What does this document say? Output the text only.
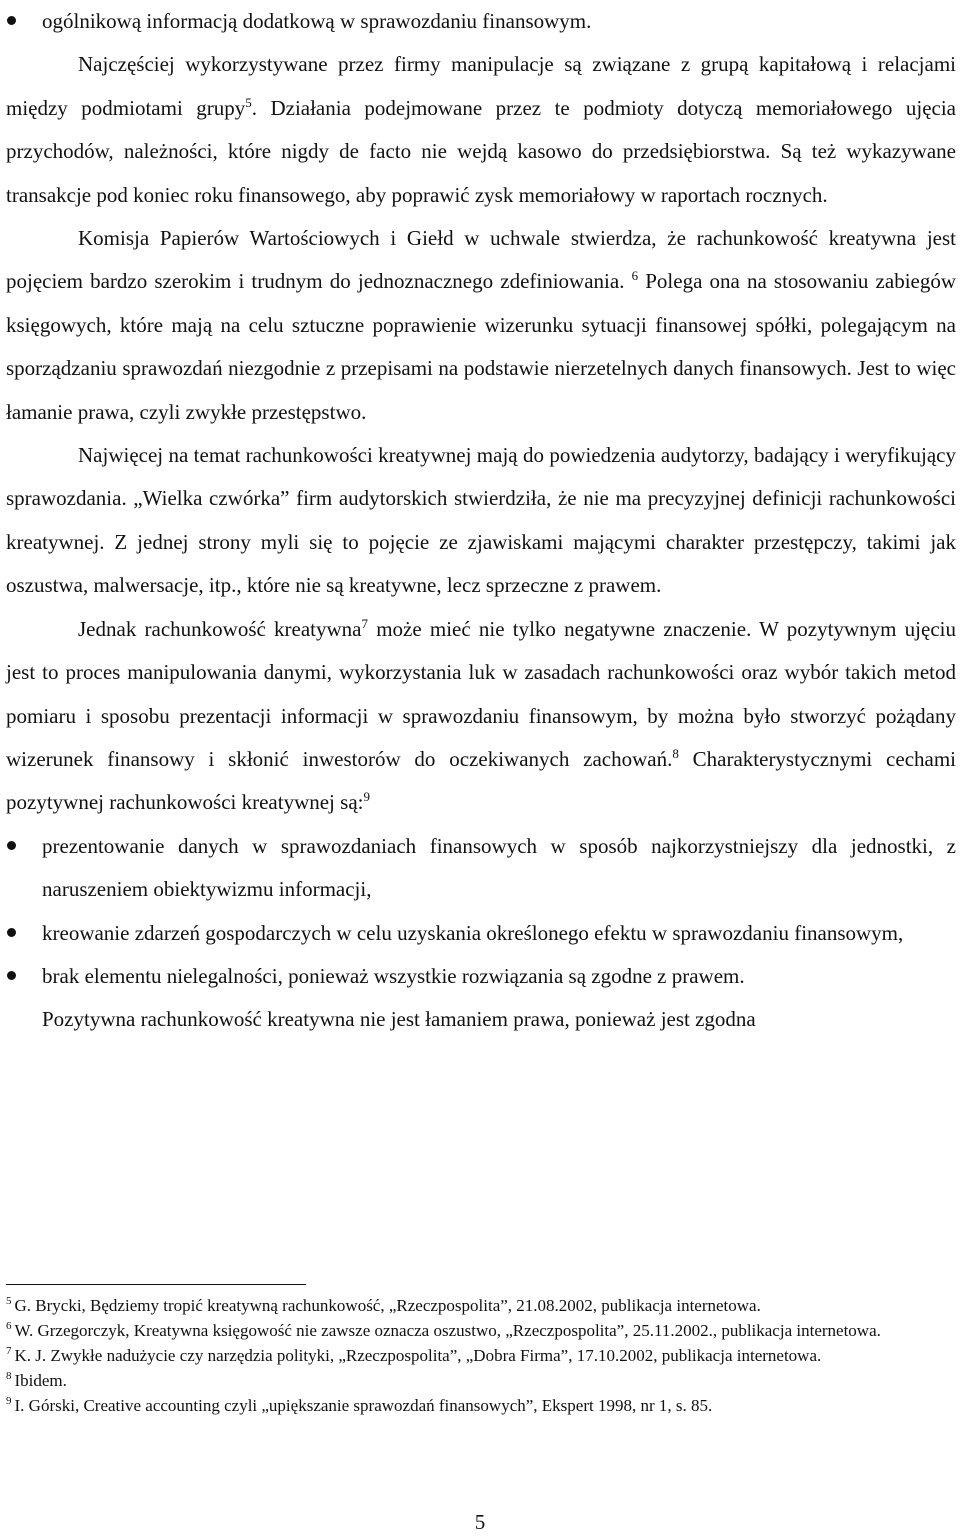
ogólnikową informacją dodatkową w sprawozdaniu finansowym.

Najczęściej wykorzystywane przez firmy manipulacje są związane z grupą kapitałową i relacjami między podmiotami grupy$^5$. Działania podejmowane przez te podmioty dotyczą memoriałowego ujęcia przychodów, należności, które nigdy de facto nie wejdą kasowo do przedsiębiorstwa. Są też wykazywane transakcje pod koniec roku finansowego, aby poprawić zysk memoriałowy w raportach rocznych.

Komisja Papierów Wartościowych i Giełd w uchwale stwierdza, że rachunkowość kreatywna jest pojęciem bardzo szerokim i trudnym do jednoznacznego zdefiniowania. $^6$ Polega ona na stosowaniu zabiegów księgowych, które mają na celu sztuczne poprawienie wizerunku sytuacji finansowej spółki, polegającym na sporządzaniu sprawozdań niezgodnie z przepisami na podstawie nierzetelnych danych finansowych. Jest to więc łamanie prawa, czyli zwykłe przestępstwo.

Najwięcej na temat rachunkowości kreatywnej mają do powiedzenia audytorzy, badający i weryfikujący sprawozdania. „Wielka czwórka” firm audytorskich stwierdziła, że nie ma precyzyjnej definicji rachunkowości kreatywnej. Z jednej strony myli się to pojęcie ze zjawiskami mającymi charakter przestępczy, takimi jak oszustwa, malwersacje, itp., które nie są kreatywne, lecz sprzeczne z prawem.

Jednak rachunkowość kreatywna$^7$ może mieć nie tylko negatywne znaczenie. W pozytywnym ujęciu jest to proces manipulowania danymi, wykorzystania luk w zasadach rachunkowości oraz wybór takich metod pomiaru i sposobu prezentacji informacji w sprawozdaniu finansowym, by można było stworzyć pożądany wizerunek finansowy i skłonić inwestorów do oczekiwanych zachowań.$^8$ Charakterystycznymi cechami pozytywnej rachunkowości kreatywnej są:$^9$

prezentowanie danych w sprawozdaniach finansowych w sposób najkorzystniejszy dla jednostki, z naruszeniem obiektywizmu informacji,

kreowanie zdarzeń gospodarczych w celu uzyskania określonego efektu w sprawozdaniu finansowym,

brak elementu nielegalności, ponieważ wszystkie rozwiązania są zgodne z prawem.

Pozytywna rachunkowość kreatywna nie jest łamaniem prawa, ponieważ jest zgodna

$^5$ G. Brycki, Będziemy tropić kreatywną rachunkowość, „Rzeczpospolita”, 21.08.2002, publikacja internetowa.

$^6$ W. Grzegorczyk, Kreatywna księgowość nie zawsze oznacza oszustwo, „Rzeczpospolita”, 25.11.2002., publikacja internetowa.

$^7$ K. J. Zwykłe nadużycie czy narzędzia polityki, „Rzeczpospolita”, „Dobra Firma”, 17.10.2002, publikacja internetowa.

$^8$ Ibidem.

$^9$ I. Górski, Creative accounting czyli „upiększanie sprawozdań finansowych”, Ekspert 1998, nr 1, s. 85.

5
